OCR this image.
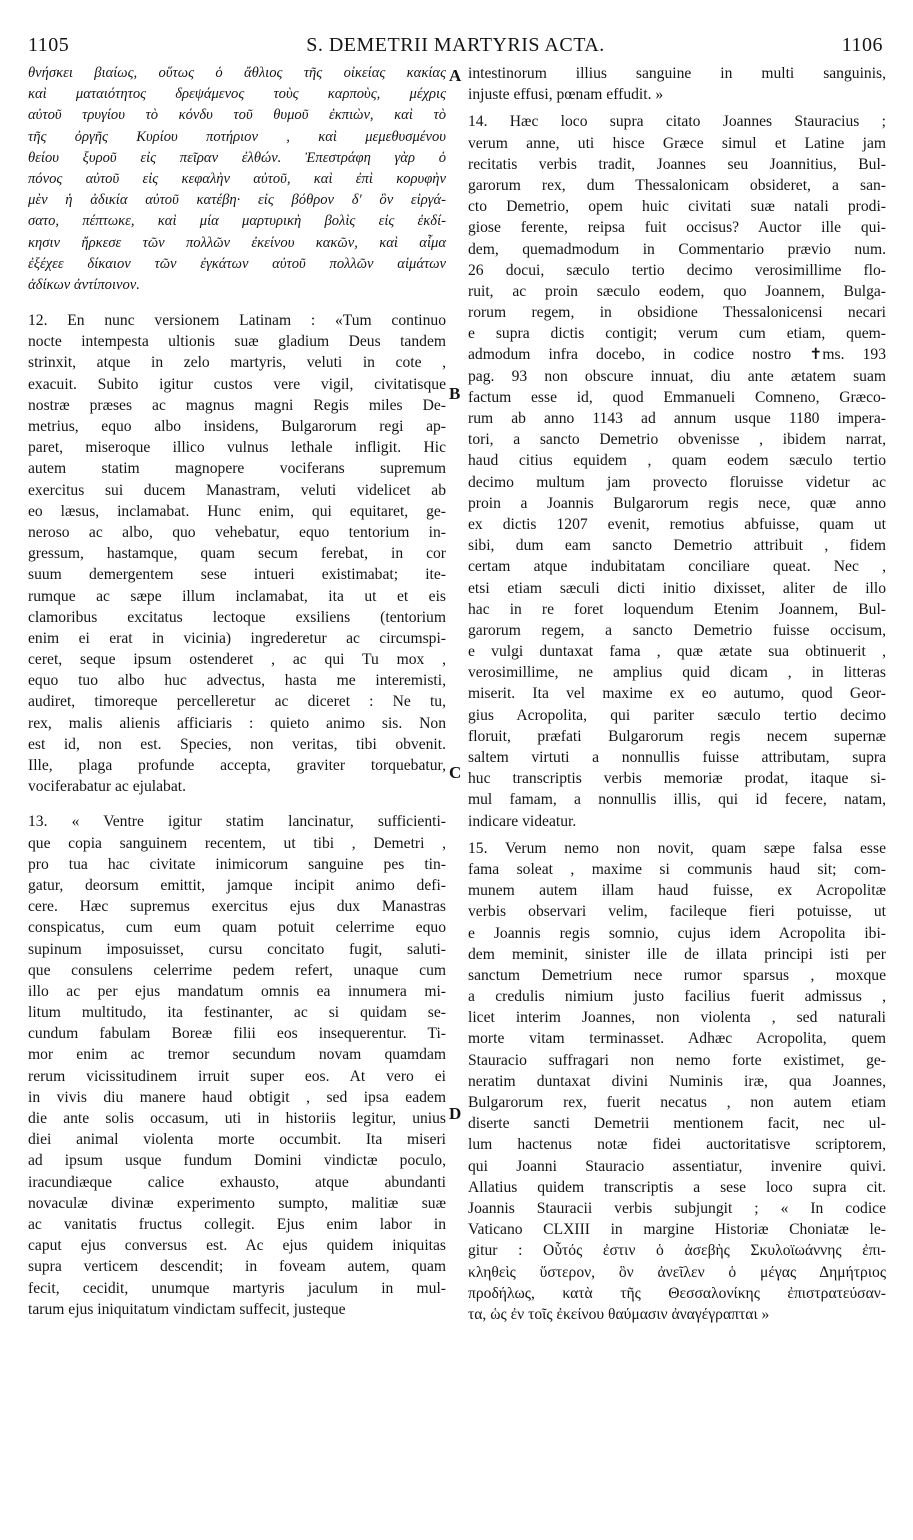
1105	S. DEMETRII MARTYRIS ACTA.	1106
θνήσκει βιαίως, οὕτως ὁ ἄθλιος τῆς οἰκείας κακίας
καὶ ματαιότητος δρεψάμενος τοὺς καρποὺς, μέχρις
αὐτοῦ τρυγίου τὸ κόνδυ τοῦ θυμοῦ ἐκπιὼν, καὶ τὸ
τῆς ὀργῆς Κυρίου ποτήριον , καὶ μεμεθυσμένου
θείου ξυροῦ εἰς πεῖραν ἐλθών. Ἐπεστράφη γὰρ ὁ
πόνος αὐτοῦ εἰς κεφαλὴν αὐτοῦ, καὶ ἐπὶ κορυφὴν
μὲν ἡ ἀδικία αὐτοῦ κατέβη· εἰς βόθρον δ' ὃν εἰργά-
σατο, πέπτωκε, καὶ μία μαρτυρικὴ βολὶς εἰς ἐκδί-
κησιν ἤρκεσε τῶν πολλῶν ἐκείνου κακῶν, καὶ αἷμα
ἐξέχεε δίκαιον τῶν ἐγκάτων αὐτοῦ πολλῶν αἱμάτων
ἀδίκων ἀντίποινον.
12. En nunc versionem Latinam : «Tum continuo
nocte intempesta ultionis suæ gladium Deus tandem
strinxit, atque in zelo martyris, veluti in cote ,
exacuit. Subito igitur custos vere vigil, civitatisque
nostræ præses ac magnus magni Regis miles De-
metrius, equo albo insidens, Bulgarorum regi ap-
paret, miseroque illico vulnus lethale infligit. Hic
autem statim magnopere vociferans supremum
exercitus sui ducem Manastram, veluti videlicet ab
eo læsus, inclamabat. Hunc enim, qui equitaret, ge-
neroso ac albo, quo vehebatur, equo tentorium in-
gressum, hastamque, quam secum ferebat, in cor
suum demergentem sese intueri existimabat; ite-
rumque ac sæpe illum inclamabat, ita ut et eis
clamoribus excitatus lectoque exsiliens (tentorium
enim ei erat in vicinia) ingrederetur ac circumspi-
ceret, seque ipsum ostenderet , ac qui Tu mox ,
equo tuo albo huc advectus, hasta me interemisti,
audiret, timoreque percelleretur ac diceret : Ne tu,
rex, malis alienis afficiaris : quieto animo sis. Non
est id, non est. Species, non veritas, tibi obvenit.
Ille, plaga profunde accepta, graviter torquebatur,
vociferabatur ac ejulabat.
13. « Ventre igitur statim lancinatur, sufficienti-
que copia sanguinem recentem, ut tibi , Demetri ,
pro tua hac civitate inimicorum sanguine pes tin-
gatur, deorsum emittit, jamque incipit animo defi-
cere. Hæc supremus exercitus ejus dux Manastras
conspicatus, cum eum quam potuit celerrime equo
supinum imposuisset, cursu concitato fugit, saluti-
que consulens celerrime pedem refert, unaque cum
illo ac per ejus mandatum omnis ea innumera mi-
litum multitudo, ita festinanter, ac si quidam se-
cundum fabulam Boreæ filii eos insequerentur. Ti-
mor enim ac tremor secundum novam quamdam
rerum vicissitudinem irruit super eos. At vero ei
in vivis diu manere haud obtigit , sed ipsa eadem
die ante solis occasum, uti in historiis legitur, unius
diei animal violenta morte occumbit. Ita miseri
ad ipsum usque fundum Domini vindictæ poculo,
iracundiæque calice exhausto, atque abundanti
novaculæ divinæ experimento sumpto, malitiæ suæ
ac vanitatis fructus collegit. Ejus enim labor in
caput ejus conversus est. Ac ejus quidem iniquitas
supra verticem descendit; in foveam autem, quam
fecit, cecidit, unumque martyris jaculum in mul-
tarum ejus iniquitatum vindictam suffecit, justeque
intestinorum illius sanguine in multi sanguinis,
injuste effusi, pœnam effudit. »
14. Hæc loco supra citato Joannes Stauracius ;
verum anne, uti hisce Græce simul et Latine jam
recitatis verbis tradit, Joannes seu Joannitius, Bul-
garorum rex, dum Thessalonicam obsideret, a san-
cto Demetrio, opem huic civitati suæ natali prodi-
giose ferente, reipsa fuit occisus? Auctor ille qui-
dem, quemadmodum in Commentario prævio num.
26 docui, sæculo tertio decimo verosimillime flo-
ruit, ac proin sæculo eodem, quo Joannem, Bulga-
rorum regem, in obsidione Thessalonicensi necari
e supra dictis contigit; verum cum etiam, quem-
admodum infra docebo, in codice nostro ✝ms. 193
pag. 93 non obscure innuat, diu ante ætatem suam
factum esse id, quod Emmanueli Comneno, Græco-
rum ab anno 1143 ad annum usque 1180 impera-
tori, a sancto Demetrio obvenisse , ibidem narrat,
haud citius equidem , quam eodem sæculo tertio
decimo multum jam provecto floruisse videtur ac
proin a Joannis Bulgarorum regis nece, quæ anno
ex dictis 1207 evenit, remotius abfuisse, quam ut
sibi, dum eam sancto Demetrio attribuit , fidem
certam atque indubitatam conciliare queat. Nec ,
etsi etiam sæculi dicti initio dixisset, aliter de illo
hac in re foret loquendum Etenim Joannem, Bul-
garorum regem, a sancto Demetrio fuisse occisum,
e vulgi duntaxat fama , quæ ætate sua obtinuerit ,
verosimillime, ne amplius quid dicam , in litteras
miserit. Ita vel maxime ex eo autumo, quod Geor-
gius Acropolita, qui pariter sæculo tertio decimo
floruit, præfati Bulgarorum regis necem supernæ
saltem virtuti a nonnullis fuisse attributam, supra
huc transcriptis verbis memoriæ prodat, itaque si-
mul famam, a nonnullis illis, qui id fecere, natam,
indicare videatur.
15. Verum nemo non novit, quam sæpe falsa esse
fama soleat , maxime si communis haud sit; com-
munem autem illam haud fuisse, ex Acropolitæ
verbis observari velim, facileque fieri potuisse, ut
e Joannis regis somnio, cujus idem Acropolita ibi-
dem meminit, sinister ille de illata principi isti per
sanctum Demetrium nece rumor sparsus , moxque
a credulis nimium justo facilius fuerit admissus ,
licet interim Joannes, non violenta , sed naturali
morte vitam terminasset. Adhæc Acropolita, quem
Stauracio suffragari non nemo forte existimet, ge-
neratim duntaxat divini Numinis iræ, qua Joannes,
Bulgarorum rex, fuerit necatus , non autem etiam
diserte sancti Demetrii mentionem facit, nec ul-
lum hactenus notæ fidei auctoritatisve scriptorem,
qui Joanni Stauracio assentiatur, invenire quivi.
Allatius quidem transcriptis a sese loco supra cit.
Joannis Stauracii verbis subjungit ; « In codice
Vaticano CLXIII in margine Historiæ Choniatæ le-
gitur : Οὗτός ἐστιν ὁ ἀσεβὴς Σκυλοϊωάννης ἐπι-
κληθεὶς ὕστερον, ὃν ἀνεῖλεν ὁ μέγας Δημήτριος
προδήλως, κατὰ τῆς Θεσσαλονίκης ἐπιστρατεύσαν-
τα, ὡς ἐν τοῖς ἐκείνου θαύμασιν ἀναγέγραπται »
A
B
C
D
